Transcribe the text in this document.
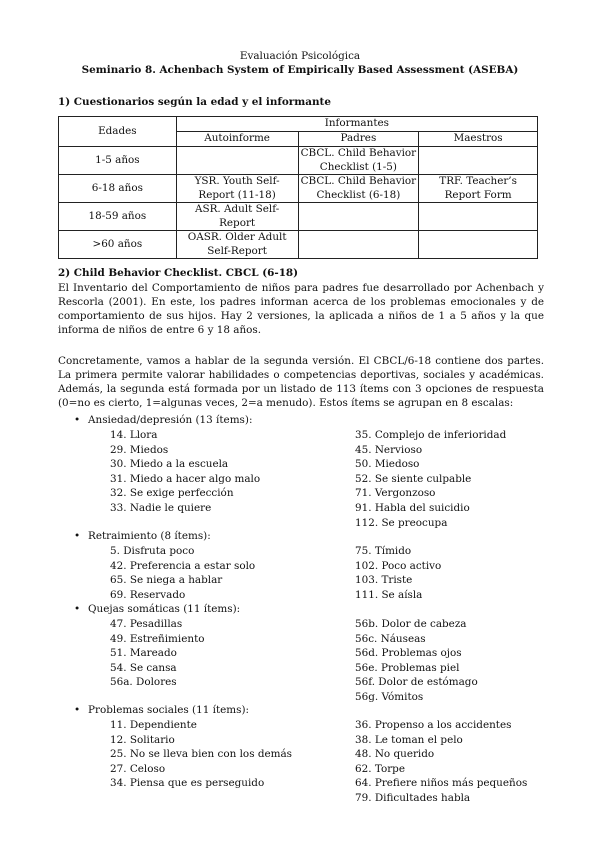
Evaluación Psicológica
Seminario 8. Achenbach System of Empirically Based Assessment (ASEBA)
1) Cuestionarios según la edad y el informante
Edades	Informantes		
	Autoinforme	Padres	Maestros
1-5 años		CBCL. Child Behavior Checklist (1-5)	
6-18 años	YSR. Youth Self-Report (11-18)	CBCL. Child Behavior Checklist (6-18)	TRF. Teacher’s Report Form
18-59 años	ASR. Adult Self-Report		
>60 años	OASR. Older Adult Self-Report		
2) Child Behavior Checklist. CBCL (6-18)
El Inventario del Comportamiento de niños para padres fue desarrollado por Achenbach y Rescorla (2001). En este, los padres informan acerca de los problemas emocionales y de comportamiento de sus hijos. Hay 2 versiones, la aplicada a niños de 1 a 5 años y la que informa de niños de entre 6 y 18 años.
Concretamente, vamos a hablar de la segunda versión. El CBCL/6-18 contiene dos partes. La primera permite valorar habilidades o competencias deportivas, sociales y académicas. Además, la segunda está formada por un listado de 113 ítems con 3 opciones de respuesta (0=no es cierto, 1=algunas veces, 2=a menudo). Estos ítems se agrupan en 8 escalas:
• Ansiedad/depresión (13 ítems):
14. Llora
29. Miedos
30. Miedo a la escuela
31. Miedo a hacer algo malo
32. Se exige perfección
33. Nadie le quiere
35. Complejo de inferioridad
45. Nervioso
50. Miedoso
52. Se siente culpable
71. Vergonzoso
91. Habla del suicidio
112. Se preocupa
• Retraimiento (8 ítems):
5. Disfruta poco
42. Preferencia a estar solo
65. Se niega a hablar
69. Reservado
75. Tímido
102. Poco activo
103. Triste
111. Se aísla
• Quejas somáticas (11 ítems):
47. Pesadillas
49. Estreñimiento
51. Mareado
54. Se cansa
56a. Dolores
56b. Dolor de cabeza
56c. Náuseas
56d. Problemas ojos
56e. Problemas piel
56f. Dolor de estómago
56g. Vómitos
• Problemas sociales (11 ítems):
11. Dependiente
12. Solitario
25. No se lleva bien con los demás
27. Celoso
34. Piensa que es perseguido
36. Propenso a los accidentes
38. Le toman el pelo
48. No querido
62. Torpe
64. Prefiere niños más pequeños
79. Dificultades habla
